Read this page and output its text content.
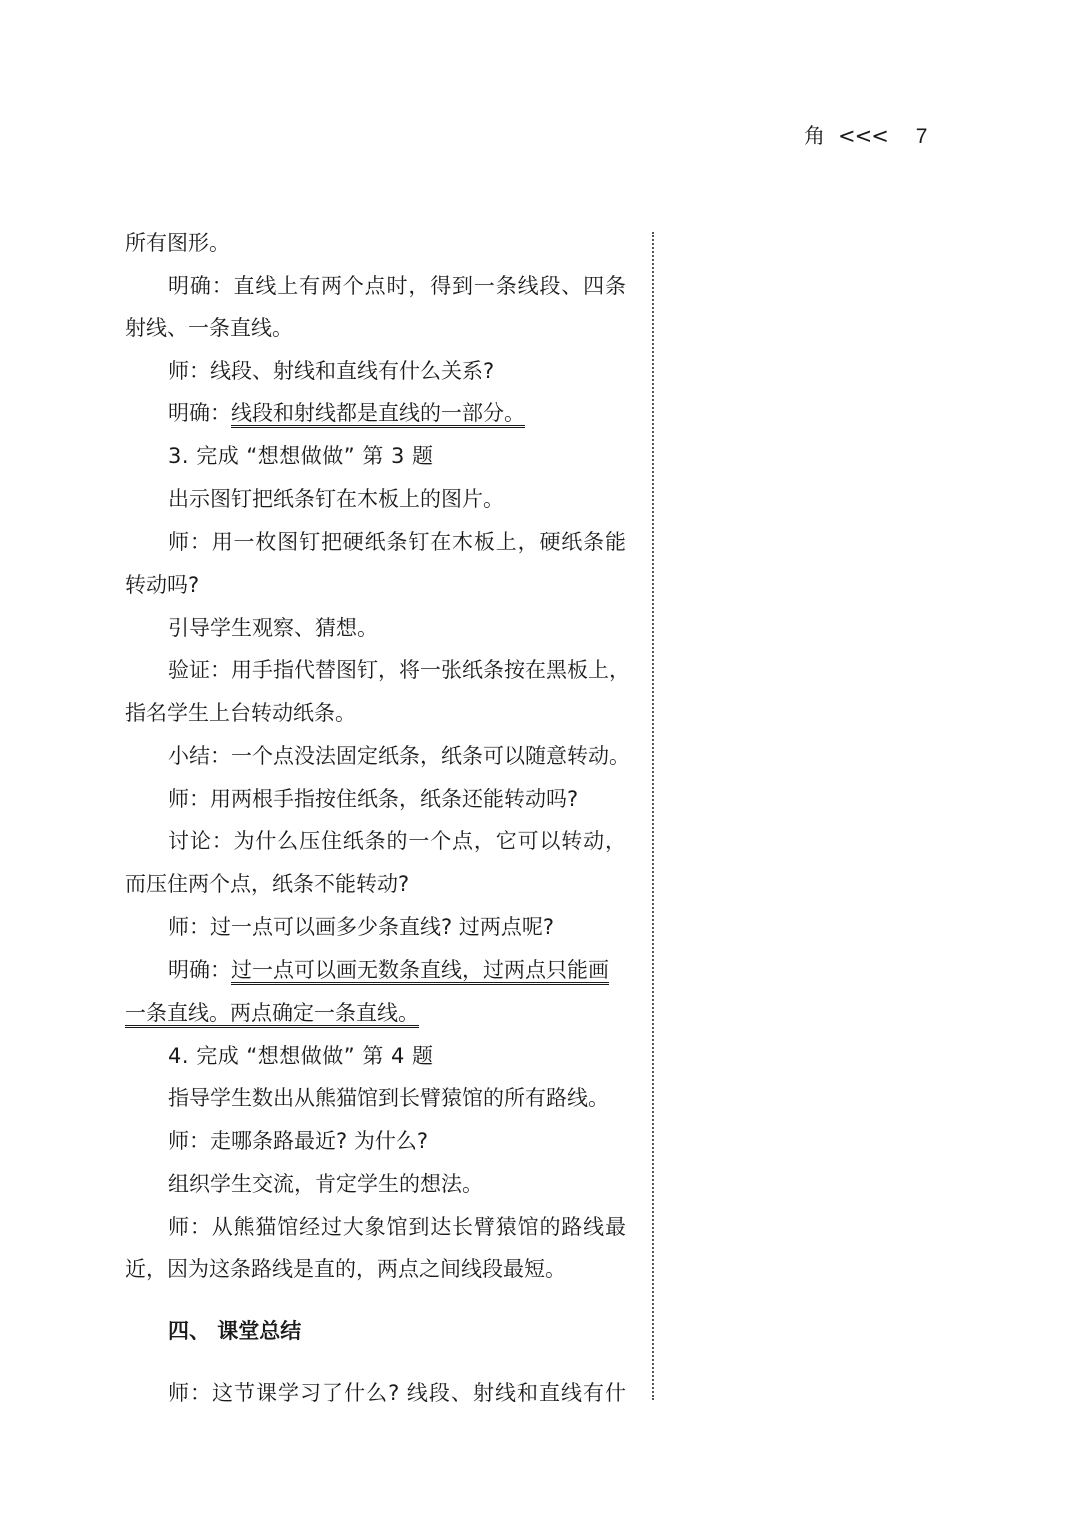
角 <<< 7
所有图形。
明确：直线上有两个点时，得到一条线段、四条
射线、一条直线。
师：线段、射线和直线有什么关系?
明确：线段和射线都是直线的一部分。
3. 完成 “想想做做” 第 3 题
出示图钉把纸条钉在木板上的图片。
师：用一枚图钉把硬纸条钉在木板上，硬纸条能
转动吗?
引导学生观察、猜想。
验证：用手指代替图钉，将一张纸条按在黑板上，
指名学生上台转动纸条。
小结：一个点没法固定纸条，纸条可以随意转动。
师：用两根手指按住纸条，纸条还能转动吗?
讨论：为什么压住纸条的一个点，它可以转动，
而压住两个点，纸条不能转动?
师：过一点可以画多少条直线? 过两点呢?
明确：过一点可以画无数条直线，过两点只能画
一条直线。两点确定一条直线。
4. 完成 “想想做做” 第 4 题
指导学生数出从熊猫馆到长臂猿馆的所有路线。
师：走哪条路最近? 为什么?
组织学生交流，肯定学生的想法。
师：从熊猫馆经过大象馆到达长臂猿馆的路线最
近，因为这条路线是直的，两点之间线段最短。
四、 课堂总结
师：这节课学习了什么? 线段、射线和直线有什
